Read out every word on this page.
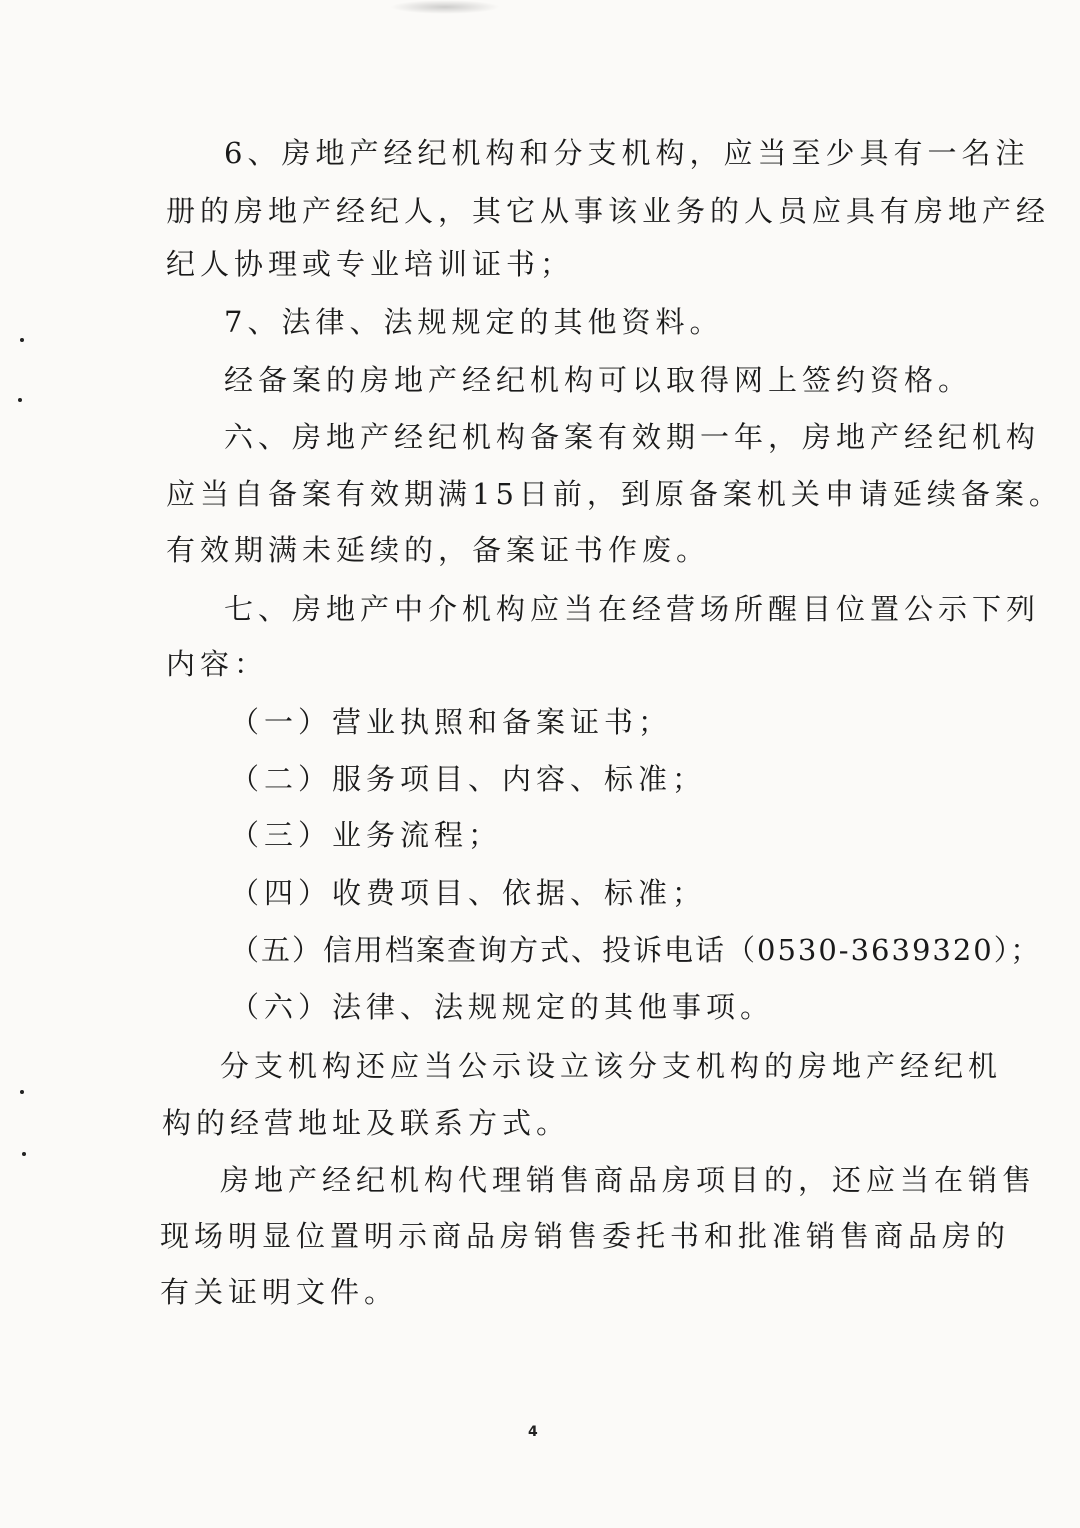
6、房地产经纪机构和分支机构，应当至少具有一名注
册的房地产经纪人，其它从事该业务的人员应具有房地产经
纪人协理或专业培训证书；
7、法律、法规规定的其他资料。
经备案的房地产经纪机构可以取得网上签约资格。
六、房地产经纪机构备案有效期一年，房地产经纪机构
应当自备案有效期满15日前，到原备案机关申请延续备案。
有效期满未延续的，备案证书作废。
七、房地产中介机构应当在经营场所醒目位置公示下列
内容：
（一）营业执照和备案证书；
（二）服务项目、内容、标准；
（三）业务流程；
（四）收费项目、依据、标准；
（五）信用档案查询方式、投诉电话（0530-3639320）；
（六）法律、法规规定的其他事项。
分支机构还应当公示设立该分支机构的房地产经纪机
构的经营地址及联系方式。
房地产经纪机构代理销售商品房项目的，还应当在销售
现场明显位置明示商品房销售委托书和批准销售商品房的
有关证明文件。
4
